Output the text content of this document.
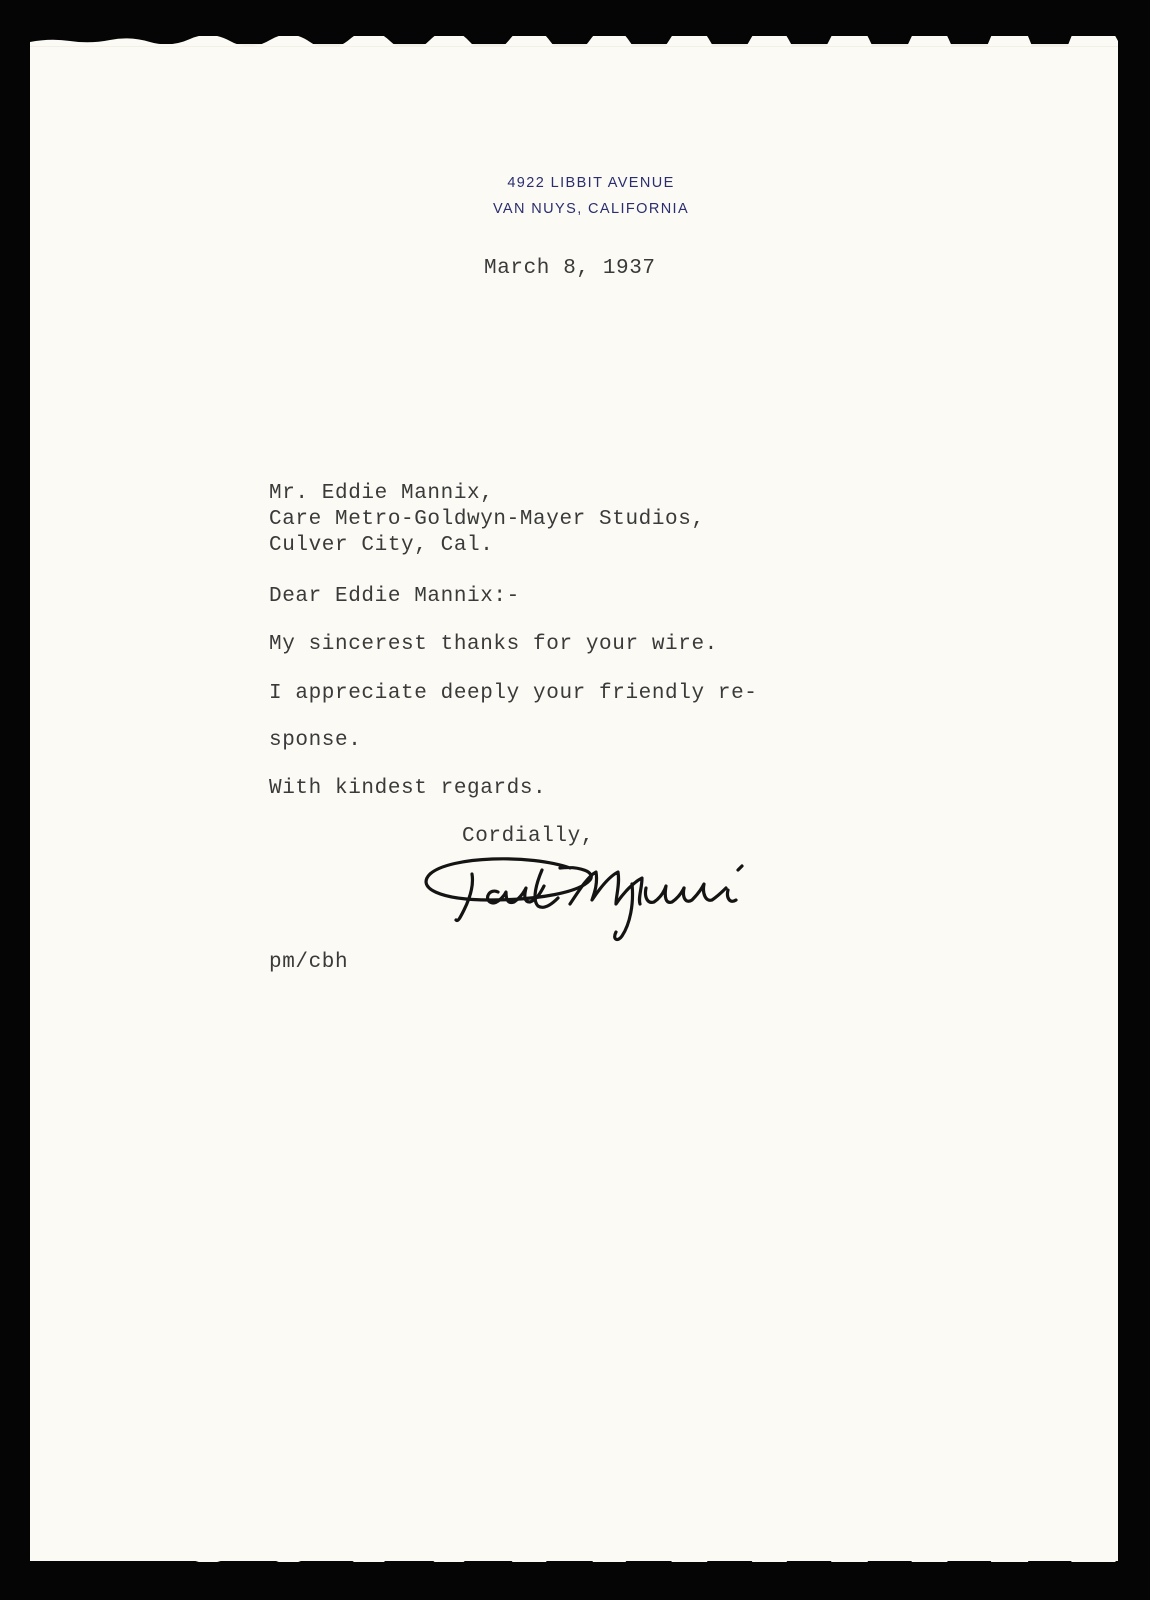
4922 LIBBIT AVENUE
VAN NUYS, CALIFORNIA
March 8, 1937
Mr. Eddie Mannix,
Care Metro-Goldwyn-Mayer Studios,
Culver City, Cal.
Dear Eddie Mannix:-
My sincerest thanks for your wire.
I appreciate deeply your friendly re-
sponse.
With kindest regards.
Cordially,
pm/cbh
